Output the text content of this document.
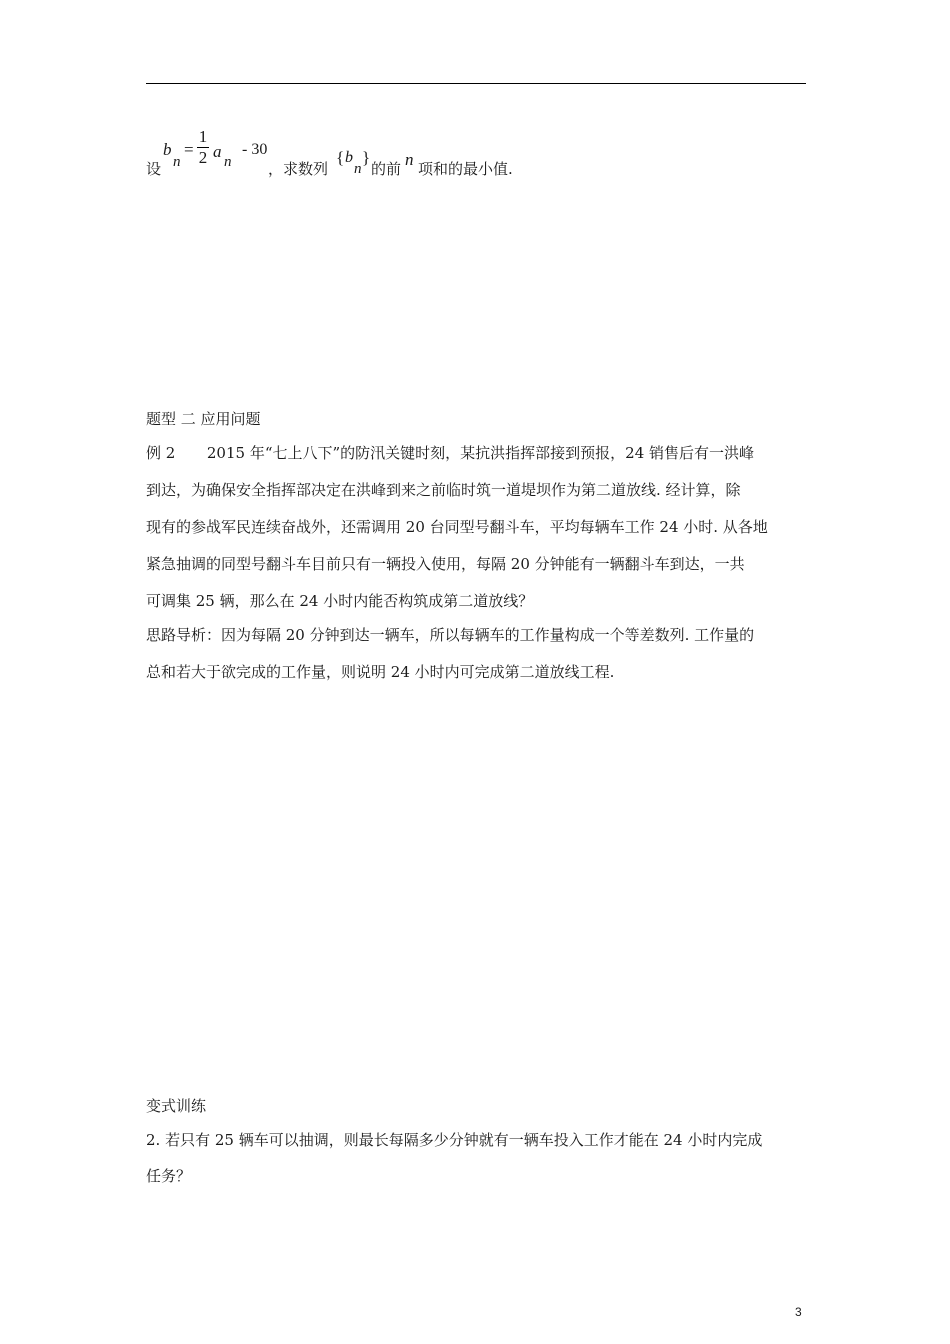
设
b
n
=
1
2 a
n
- 30
，求数列
{ b
n
}
的前 n 项和的最小值.
题型 二 应用问题
例 2 2015 年“七上八下”的防汛关键时刻，某抗洪指挥部接到预报，24 销售后有一洪峰
到达，为确保安全指挥部决定在洪峰到来之前临时筑一道堤坝作为第二道放线. 经计算，除
现有的参战军民连续奋战外，还需调用 20 台同型号翻斗车，平均每辆车工作 24 小时. 从各地
紧急抽调的同型号翻斗车目前只有一辆投入使用，每隔 20 分钟能有一辆翻斗车到达，一共
可调集 25 辆，那么在 24 小时内能否构筑成第二道放线？
思路导析：因为每隔 20 分钟到达一辆车，所以每辆车的工作量构成一个等差数列. 工作量的
总和若大于欲完成的工作量，则说明 24 小时内可完成第二道放线工程.
变式训练
2. 若只有 25 辆车可以抽调，则最长每隔多少分钟就有一辆车投入工作才能在 24 小时内完成
任务？
3
